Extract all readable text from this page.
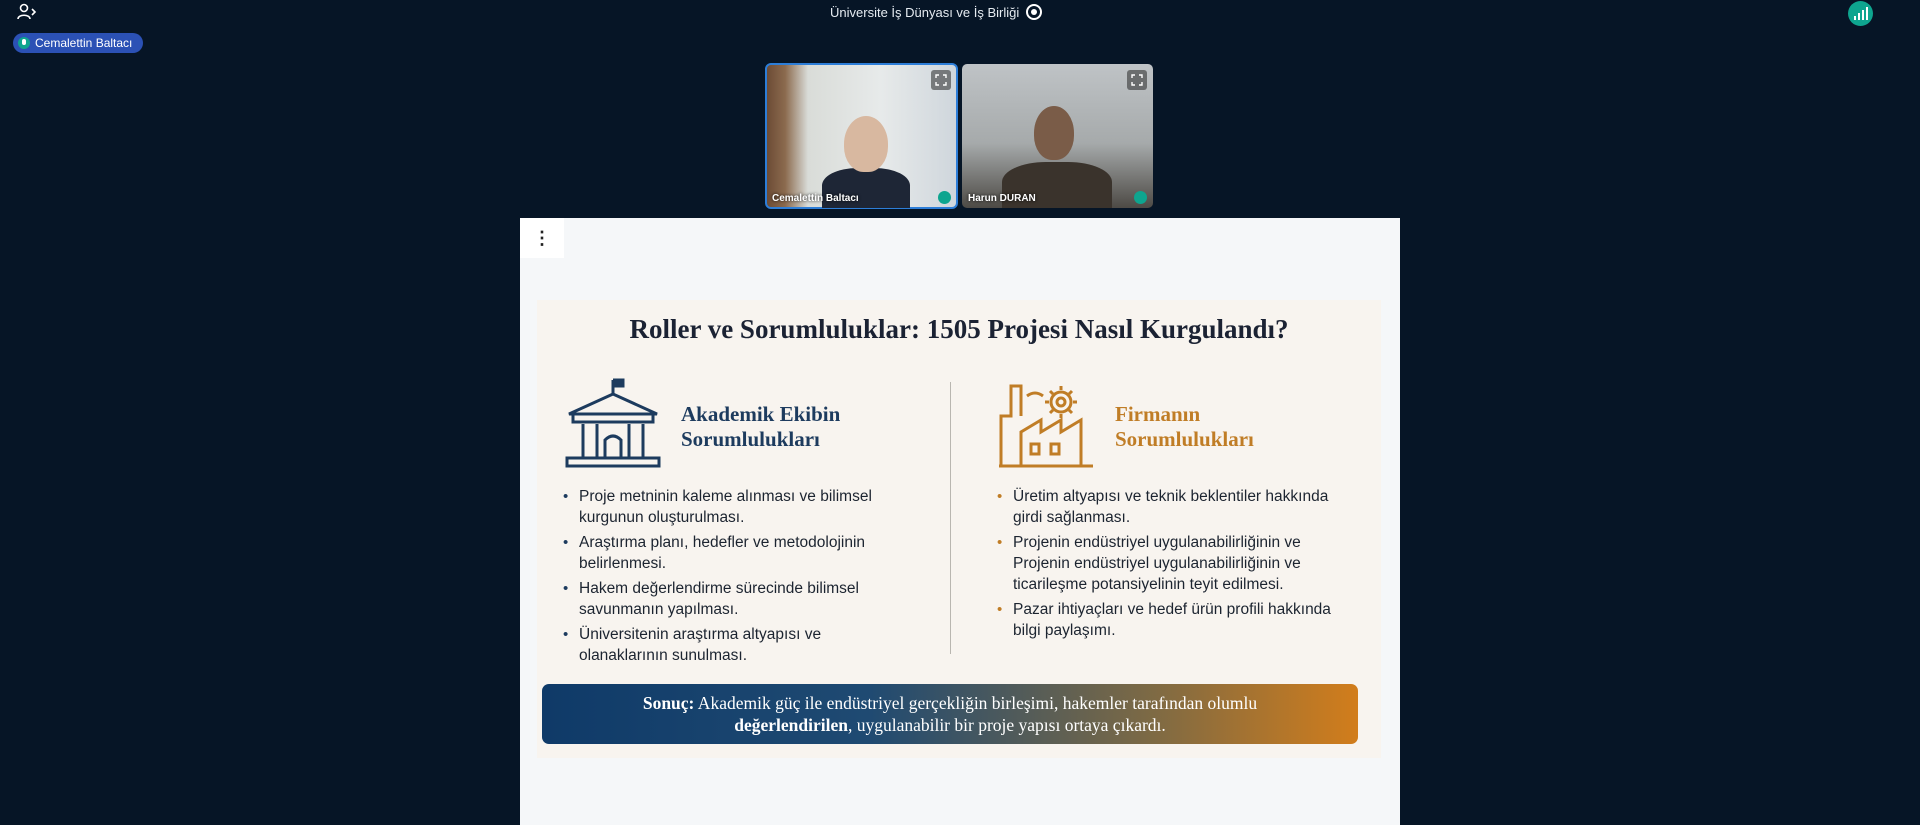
Üniversite İş Dünyası ve İş Birliği
Cemalettin Baltacı
Cemalettin Baltacı	Harun DURAN
⋮
Roller ve Sorumluluklar: 1505 Projesi Nasıl Kurgulandı?
Akademik Ekibin
Sorumlulukları
Firmanın
Sorumlulukları
• Proje metninin kaleme alınması ve bilimsel kurgunun oluşturulması.
• Araştırma planı, hedefler ve metodolojinin belirlenmesi.
• Hakem değerlendirme sürecinde bilimsel savunmanın yapılması.
• Üniversitenin araştırma altyapısı ve olanaklarının sunulması.
• Üretim altyapısı ve teknik beklentiler hakkında girdi sağlanması.
• Projenin endüstriyel uygulanabilirliğinin ve Projenin endüstriyel uygulanabilirliğinin ve ticarileşme potansiyelinin teyit edilmesi.
• Pazar ihtiyaçları ve hedef ürün profili hakkında bilgi paylaşımı.
Sonuç: Akademik güç ile endüstriyel gerçekliğin birleşimi, hakemler tarafından olumlu
değerlendirilen, uygulanabilir bir proje yapısı ortaya çıkardı.
